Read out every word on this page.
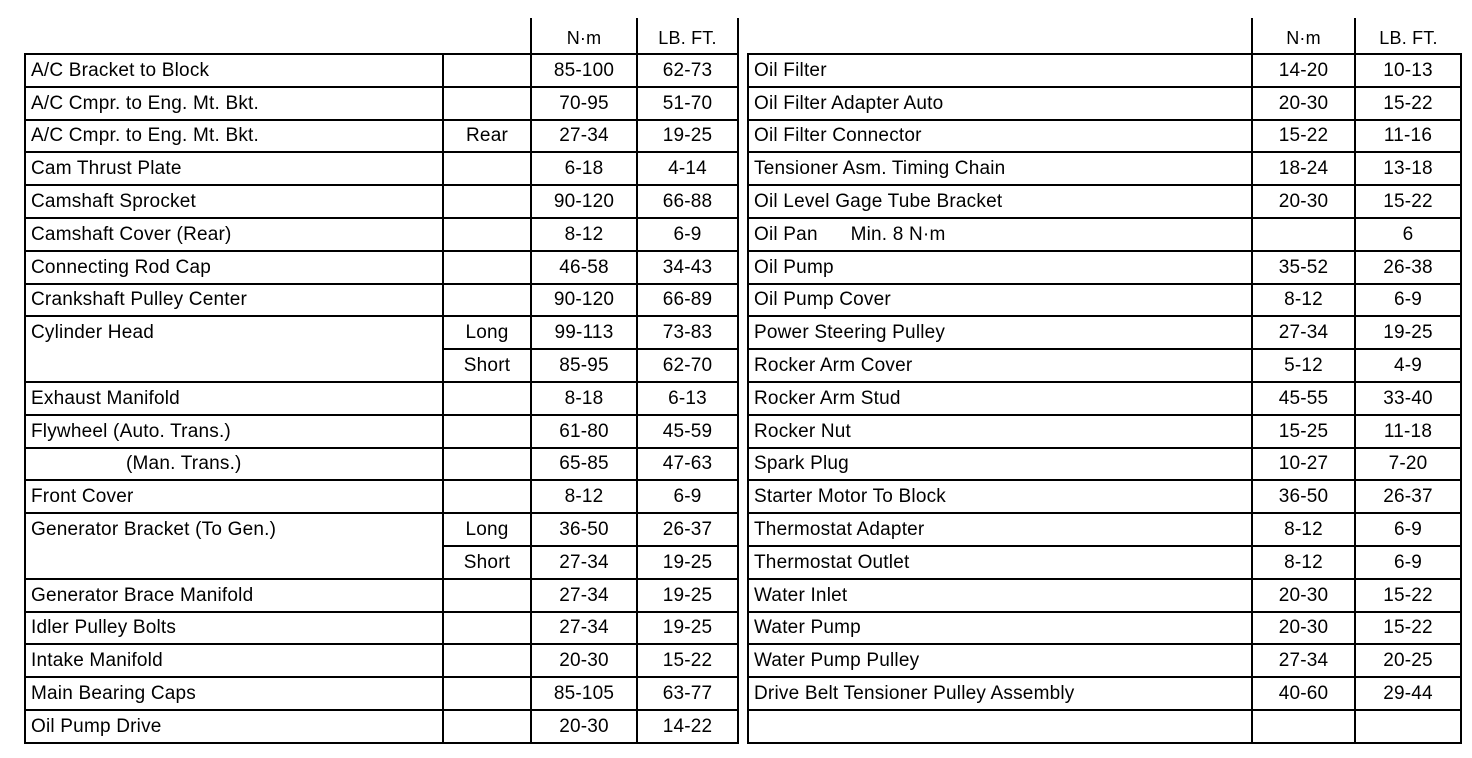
		N·m	LB. FT.
A/C Bracket to Block		85-100	62-73
A/C Cmpr. to Eng. Mt. Bkt.		70-95	51-70
A/C Cmpr. to Eng. Mt. Bkt.	Rear	27-34	19-25
Cam Thrust Plate		6-18	4-14
Camshaft Sprocket		90-120	66-88
Camshaft Cover (Rear)		8-12	6-9
Connecting Rod Cap		46-58	34-43
Crankshaft Pulley Center		90-120	66-89
Cylinder Head	Long	99-113	73-83
	Short	85-95	62-70
Exhaust Manifold		8-18	6-13
Flywheel (Auto. Trans.)		61-80	45-59
(Man. Trans.)		65-85	47-63
Front Cover		8-12	6-9
Generator Bracket (To Gen.)	Long	36-50	26-37
	Short	27-34	19-25
Generator Brace Manifold		27-34	19-25
Idler Pulley Bolts		27-34	19-25
Intake Manifold		20-30	15-22
Main Bearing Caps		85-105	63-77
Oil Pump Drive		20-30	14-22
	N·m	LB. FT.
Oil Filter	14-20	10-13
Oil Filter Adapter Auto	20-30	15-22
Oil Filter Connector	15-22	11-16
Tensioner Asm. Timing Chain	18-24	13-18
Oil Level Gage Tube Bracket	20-30	15-22
Oil Pan      Min. 8 N·m		6
Oil Pump	35-52	26-38
Oil Pump Cover	8-12	6-9
Power Steering Pulley	27-34	19-25
Rocker Arm Cover	5-12	4-9
Rocker Arm Stud	45-55	33-40
Rocker Nut	15-25	11-18
Spark Plug	10-27	7-20
Starter Motor To Block	36-50	26-37
Thermostat Adapter	8-12	6-9
Thermostat Outlet	8-12	6-9
Water Inlet	20-30	15-22
Water Pump	20-30	15-22
Water Pump Pulley	27-34	20-25
Drive Belt Tensioner Pulley Assembly	40-60	29-44
